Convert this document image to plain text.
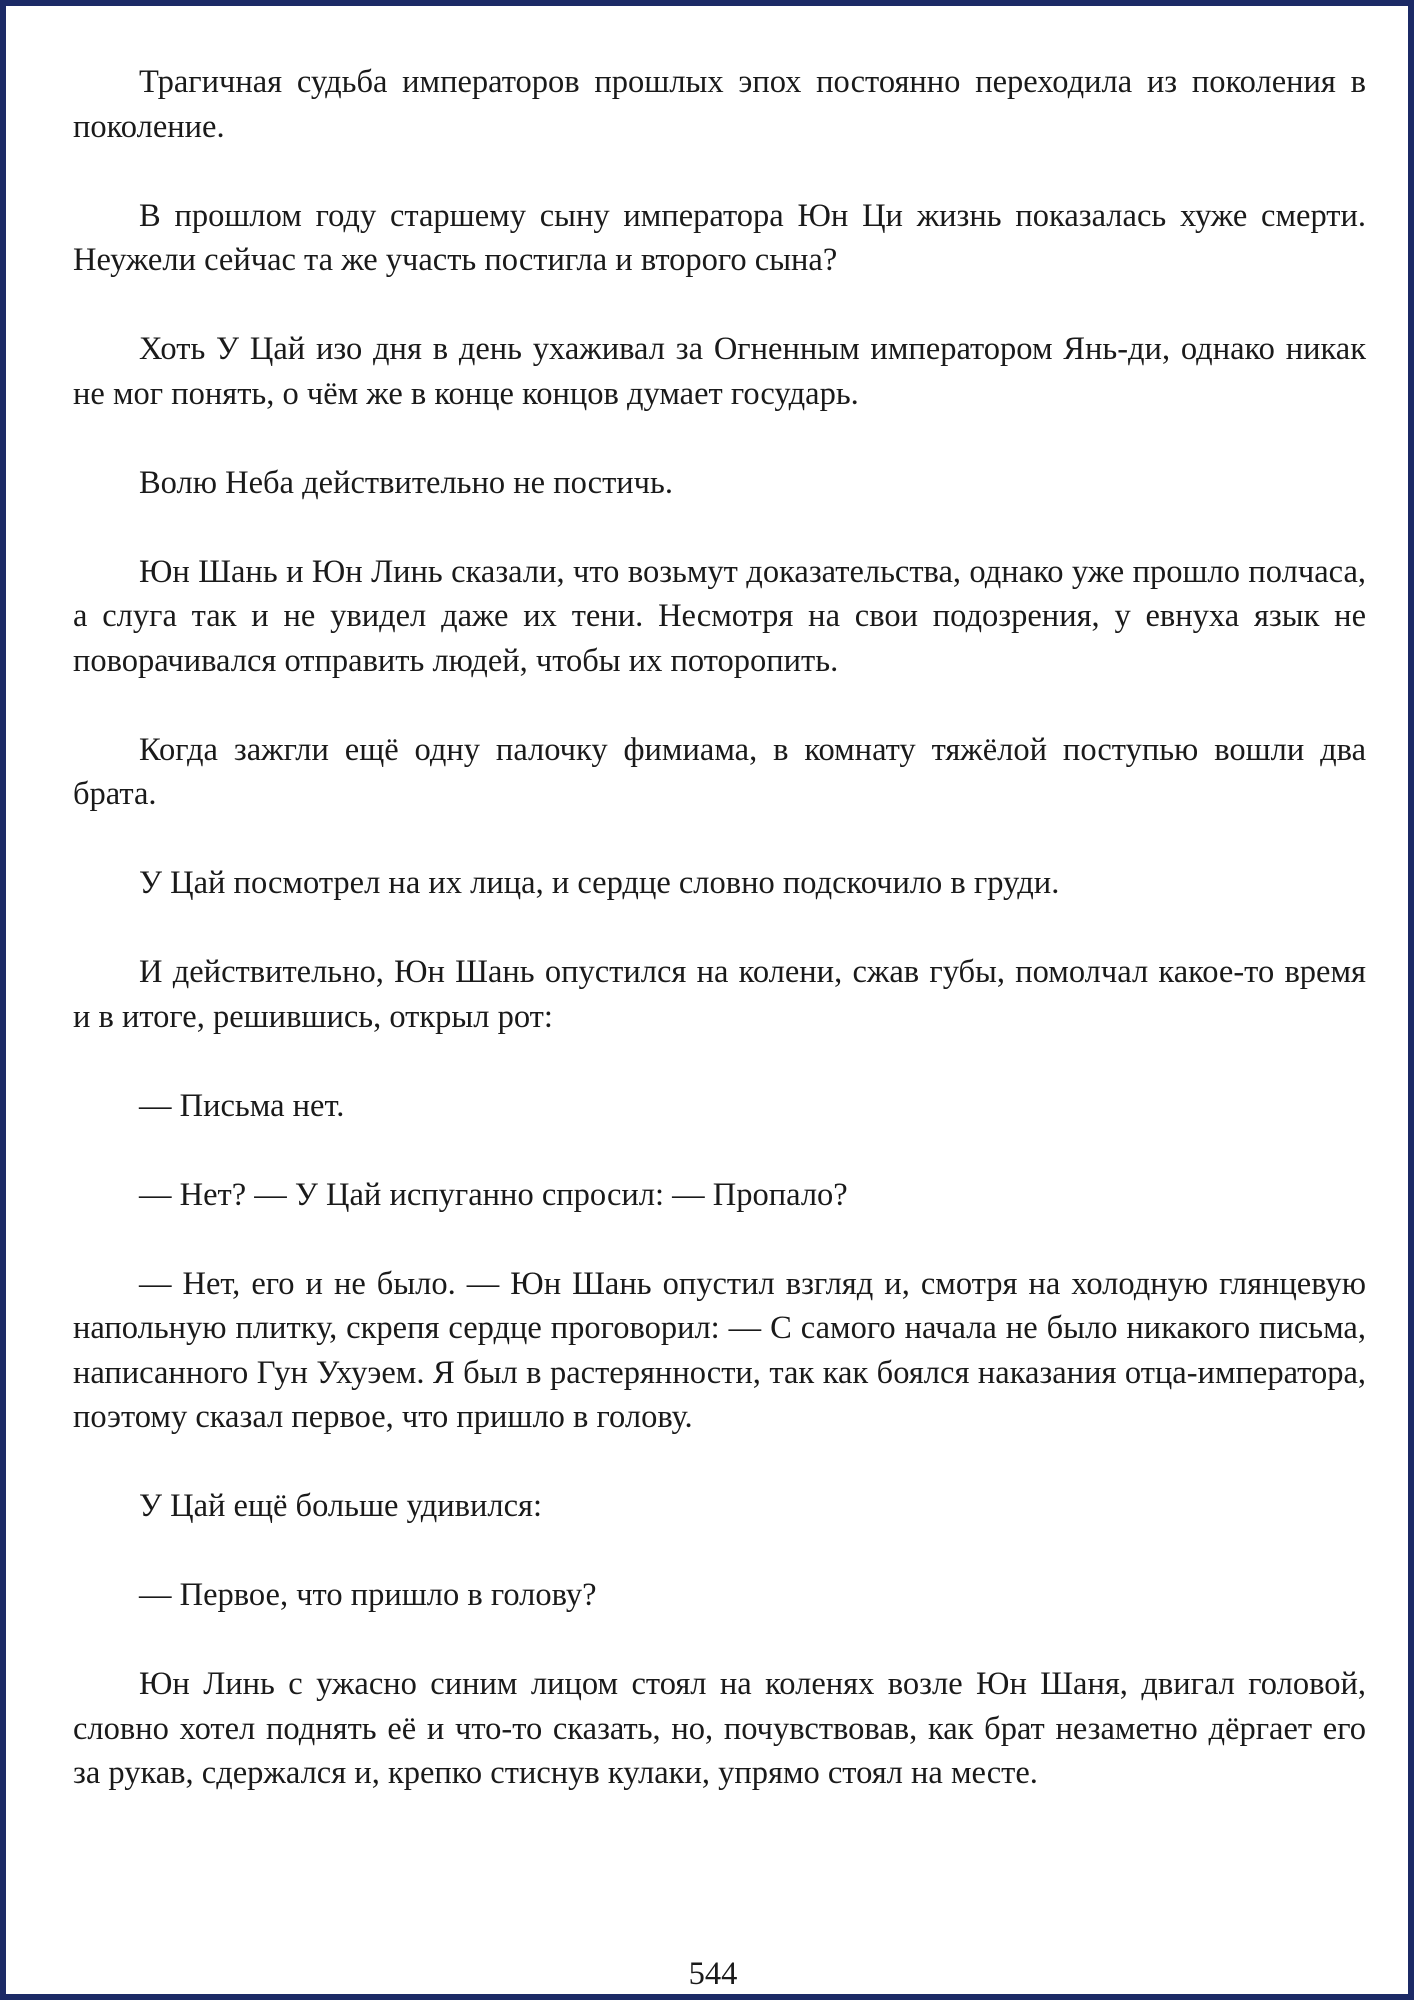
Трагичная судьба императоров прошлых эпох постоянно переходила из поколения в поколение.

В прошлом году старшему сыну императора Юн Ци жизнь показалась хуже смерти. Неужели сейчас та же участь постигла и второго сына?

Хоть У Цай изо дня в день ухаживал за Огненным императором Янь-ди, однако никак не мог понять, о чём же в конце концов думает государь.

Волю Неба действительно не постичь.

Юн Шань и Юн Линь сказали, что возьмут доказательства, однако уже прошло полчаса, а слуга так и не увидел даже их тени. Несмотря на свои подозрения, у евнуха язык не поворачивался отправить людей, чтобы их поторопить.

Когда зажгли ещё одну палочку фимиама, в комнату тяжёлой поступью вошли два брата.

У Цай посмотрел на их лица, и сердце словно подскочило в груди.

И действительно, Юн Шань опустился на колени, сжав губы, помолчал какое-то время и в итоге, решившись, открыл рот:

— Письма нет.

— Нет? — У Цай испуганно спросил: — Пропало?

— Нет, его и не было. — Юн Шань опустил взгляд и, смотря на холодную глянцевую напольную плитку, скрепя сердце проговорил: — С самого начала не было никакого письма, написанного Гун Ухуэем. Я был в растерянности, так как боялся наказания отца-императора, поэтому сказал первое, что пришло в голову.

У Цай ещё больше удивился:

— Первое, что пришло в голову?

Юн Линь с ужасно синим лицом стоял на коленях возле Юн Шаня, двигал головой, словно хотел поднять её и что-то сказать, но, почувствовав, как брат незаметно дёргает его за рукав, сдержался и, крепко стиснув кулаки, упрямо стоял на месте.

544
